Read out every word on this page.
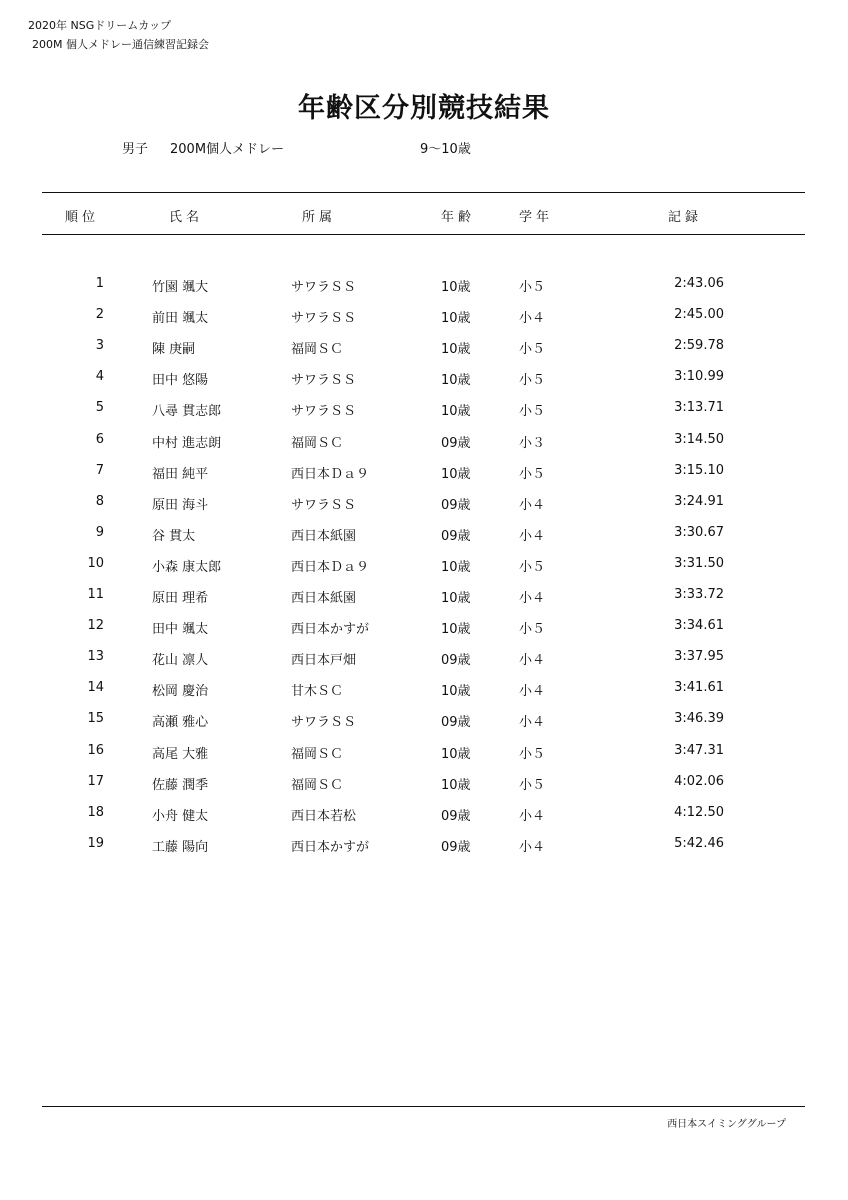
2020年 NSGドリームカップ
200M 個人メドレー通信練習記録会
年齢区分別競技結果
男子 200M個人メドレー	9〜10歳
順位	氏名	所属	年齢	学年	記録
1	竹園 颯大	サワラＳＳ	10歳	小５	2:43.06
2	前田 颯太	サワラＳＳ	10歳	小４	2:45.00
3	陳 庚嗣	福岡ＳＣ	10歳	小５	2:59.78
4	田中 悠陽	サワラＳＳ	10歳	小５	3:10.99
5	八尋 貫志郎	サワラＳＳ	10歳	小５	3:13.71
6	中村 進志朗	福岡ＳＣ	09歳	小３	3:14.50
7	福田 純平	西日本Ｄａ９	10歳	小５	3:15.10
8	原田 海斗	サワラＳＳ	09歳	小４	3:24.91
9	谷 貫太	西日本紙園	09歳	小４	3:30.67
10	小森 康太郎	西日本Ｄａ９	10歳	小５	3:31.50
11	原田 理希	西日本紙園	10歳	小４	3:33.72
12	田中 颯太	西日本かすが	10歳	小５	3:34.61
13	花山 凛人	西日本戸畑	09歳	小４	3:37.95
14	松岡 慶治	甘木ＳＣ	10歳	小４	3:41.61
15	高瀬 雅心	サワラＳＳ	09歳	小４	3:46.39
16	高尾 大雅	福岡ＳＣ	10歳	小５	3:47.31
17	佐藤 潤季	福岡ＳＣ	10歳	小５	4:02.06
18	小舟 健太	西日本若松	09歳	小４	4:12.50
19	工藤 陽向	西日本かすが	09歳	小４	5:42.46
西日本スイミンググループ
